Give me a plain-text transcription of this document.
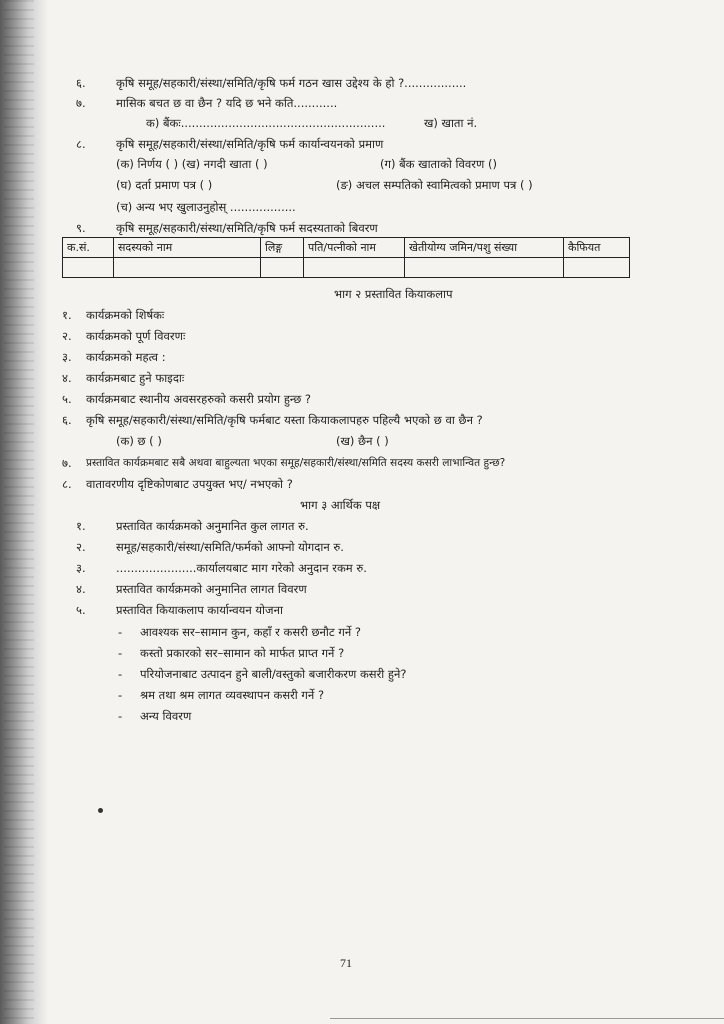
६.	कृषि समूह/सहकारी/संस्था/समिति/कृषि फर्म गठन खास उद्देश्य के हो ?.................
७.	मासिक बचत छ वा छैन ? यदि छ भने कति............
क) बैंकः........................................................	ख) खाता नं.
८.	कृषि समूह/सहकारी/संस्था/समिति/कृषि फर्म कार्यान्वयनको प्रमाण
(क) निर्णय ( ) (ख) नगदी खाता ( )	(ग) बैंक खाताको विवरण ()
(घ) दर्ता प्रमाण पत्र ( )	(ङ) अचल सम्पतिको स्वामित्वको प्रमाण पत्र ( )
(च) अन्य भए खुलाउनुहोस् ..................
९.	कृषि समूह/सहकारी/संस्था/समिति/कृषि फर्म सदस्यताको बिवरण
क.सं.	सदस्यको नाम	लिङ्ग	पति/पत्नीको नाम	खेतीयोग्य जमिन/पशु संख्या	कैफियत

भाग २ प्रस्तावित कियाकलाप
१. कार्यक्रमको शिर्षकः
२. कार्यक्रमको पूर्ण विवरणः
३. कार्यक्रमको महत्व :
४. कार्यक्रमबाट हुने फाइदाः
५. कार्यक्रमबाट स्थानीय अवसरहरुको कसरी प्रयोग हुन्छ ?
६. कृषि समूह/सहकारी/संस्था/समिति/कृषि फर्मबाट यस्ता कियाकलापहरु पहिल्यै भएको छ वा छैन ?
(क) छ ( )	(ख) छैन ( )
७. प्रस्तावित कार्यक्रमबाट सबै अथवा बाहुल्यता भएका समूह/सहकारी/संस्था/समिति सदस्य कसरी लाभान्वित हुन्छ?
८. वातावरणीय दृष्टिकोणबाट उपयुक्त भए/ नभएको ?
भाग ३ आर्थिक पक्ष
१.	प्रस्तावित कार्यक्रमको अनुमानित कुल लागत रु.
२.	समूह/सहकारी/संस्था/समिति/फर्मको आफ्नो योगदान रु.
३.	......................कार्यालयबाट माग गरेको अनुदान रकम रु.
४.	प्रस्तावित कार्यक्रमको अनुमानित लागत विवरण
५.	प्रस्तावित कियाकलाप कार्यान्वयन योजना
- आवश्यक सर–सामान कुन, कहाँ र कसरी छनौट गर्ने ?
- कस्तो प्रकारको सर–सामान को मार्फत प्राप्त गर्ने ?
- परियोजनाबाट उत्पादन हुने बाली/वस्तुको बजारीकरण कसरी हुने?
- श्रम तथा श्रम लागत व्यवस्थापन कसरी गर्ने ?
- अन्य विवरण
71
